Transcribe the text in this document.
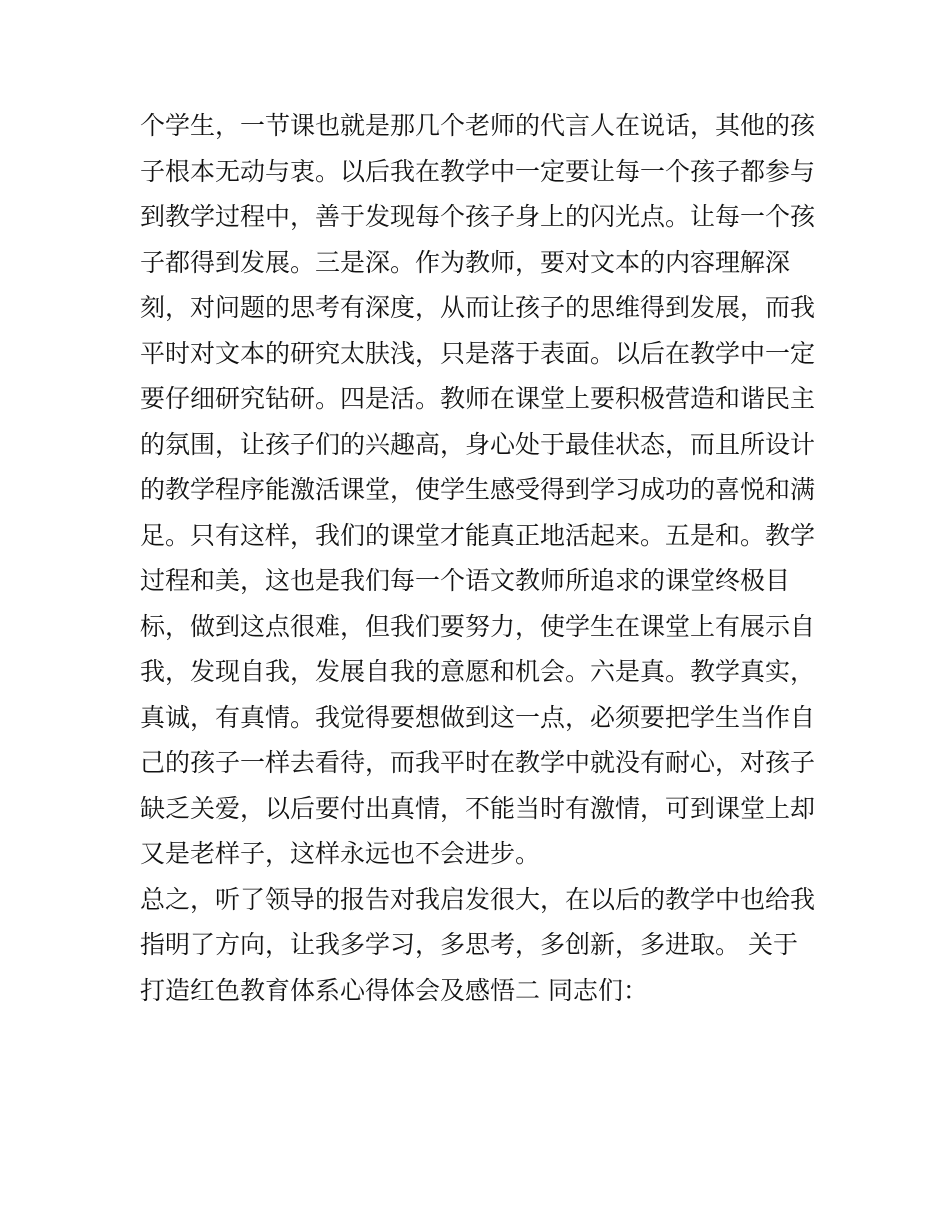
个学生，一节课也就是那几个老师的代言人在说话，其他的孩
子根本无动与衷。以后我在教学中一定要让每一个孩子都参与
到教学过程中，善于发现每个孩子身上的闪光点。让每一个孩
子都得到发展。三是深。作为教师，要对文本的内容理解深
刻，对问题的思考有深度，从而让孩子的思维得到发展，而我
平时对文本的研究太肤浅，只是落于表面。以后在教学中一定
要仔细研究钻研。四是活。教师在课堂上要积极营造和谐民主
的氛围，让孩子们的兴趣高，身心处于最佳状态，而且所设计
的教学程序能激活课堂，使学生感受得到学习成功的喜悦和满
足。只有这样，我们的课堂才能真正地活起来。五是和。教学
过程和美，这也是我们每一个语文教师所追求的课堂终极目
标，做到这点很难，但我们要努力，使学生在课堂上有展示自
我，发现自我，发展自我的意愿和机会。六是真。教学真实，
真诚，有真情。我觉得要想做到这一点，必须要把学生当作自
己的孩子一样去看待，而我平时在教学中就没有耐心，对孩子
缺乏关爱，以后要付出真情，不能当时有激情，可到课堂上却
又是老样子，这样永远也不会进步。
总之，听了领导的报告对我启发很大，在以后的教学中也给我
指明了方向，让我多学习，多思考，多创新，多进取。 关于
打造红色教育体系心得体会及感悟二 同志们：
